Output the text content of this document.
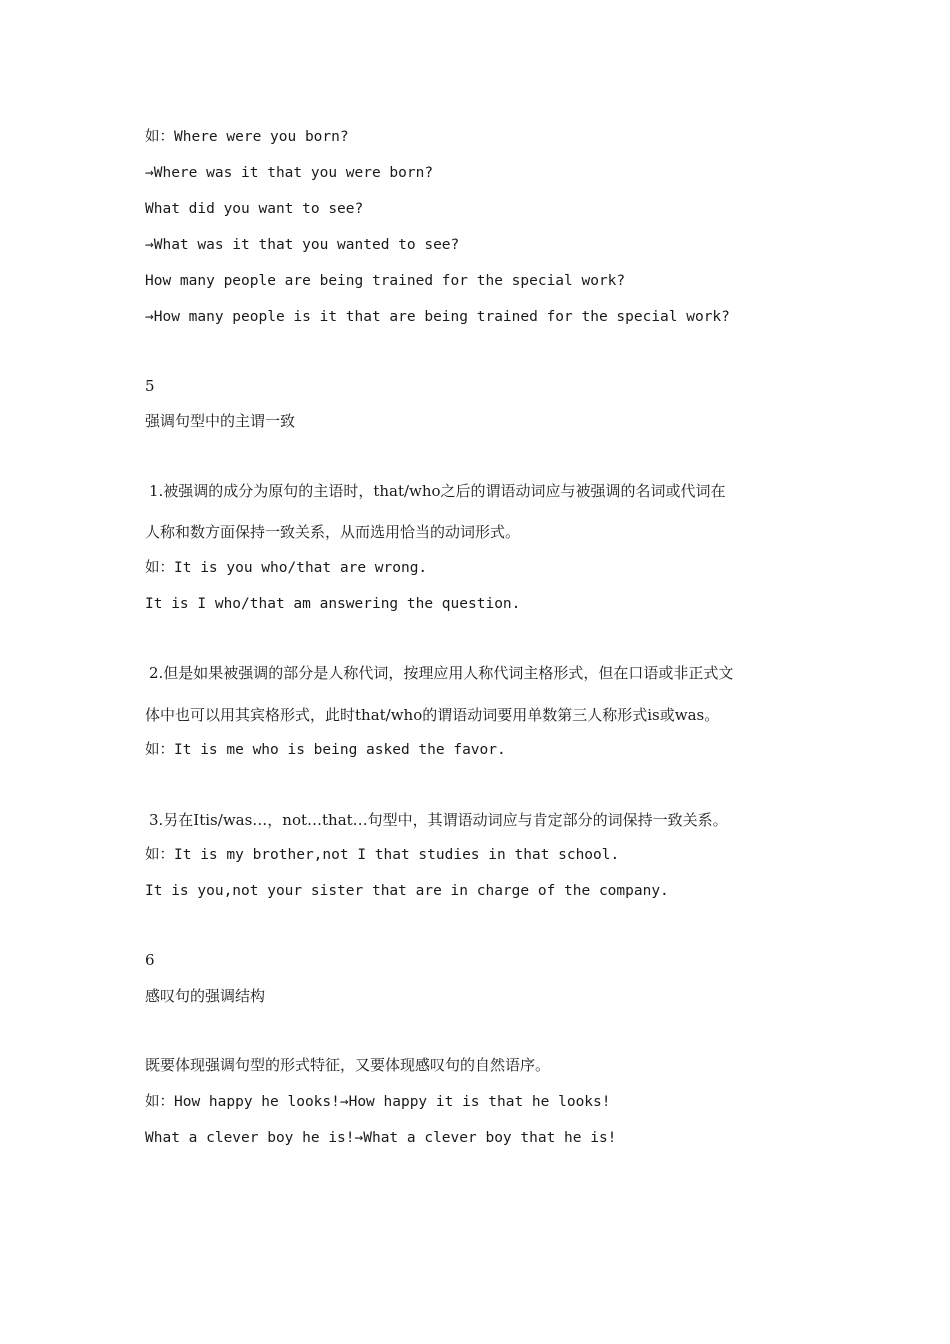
如：Where were you born?
→Where was it that you were born?
What did you want to see?
→What was it that you wanted to see?
How many people are being trained for the special work?
→How many people is it that are being trained for the special work?
5
强调句型中的主谓一致
1.被强调的成分为原句的主语时，that/who之后的谓语动词应与被强调的名词或代词在
人称和数方面保持一致关系，从而选用恰当的动词形式。
如：It is you who/that are wrong.
It is I who/that am answering the question.
2.但是如果被强调的部分是人称代词，按理应用人称代词主格形式，但在口语或非正式文
体中也可以用其宾格形式，此时that/who的谓语动词要用单数第三人称形式is或was。
如：It is me who is being asked the favor.
3.另在Itis/was…，not…that…句型中，其谓语动词应与肯定部分的词保持一致关系。
如：It is my brother,not I that studies in that school.
It is you,not your sister that are in charge of the company.
6
感叹句的强调结构
既要体现强调句型的形式特征，又要体现感叹句的自然语序。
如：How happy he looks!→How happy it is that he looks!
What a clever boy he is!→What a clever boy that he is!
